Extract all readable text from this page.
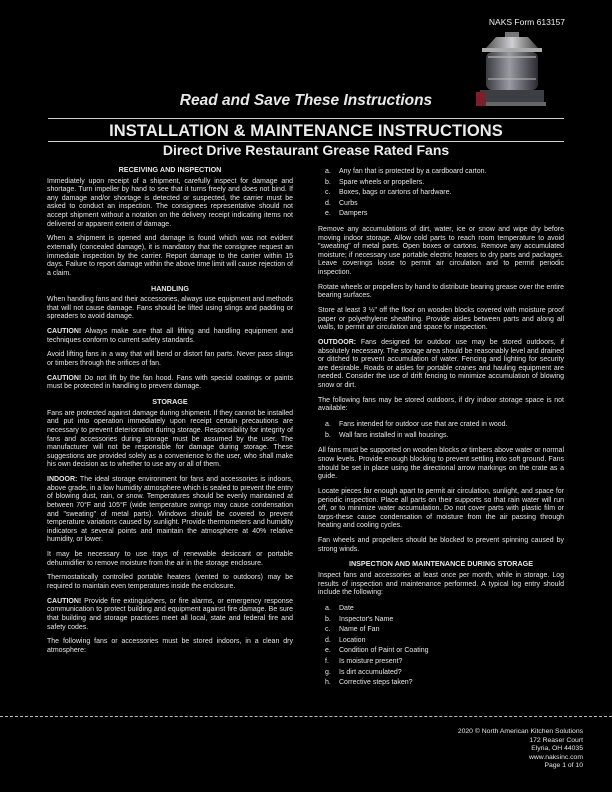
NAKS Form 613157
Read and Save These Instructions
INSTALLATION & MAINTENANCE INSTRUCTIONS
Direct Drive Restaurant Grease Rated Fans
RECEIVING AND INSPECTION

Immediately upon receipt of a shipment, carefully inspect for damage and shortage. Turn impeller by hand to see that it turns freely and does not bind. If any damage and/or shortage is detected or suspected, the carrier must be asked to conduct an inspection. The consignees representative should not accept shipment without a notation on the delivery receipt indicating items not delivered or apparent extent of damage.

When a shipment is opened and damage is found which was not evident externally (concealed damage), it is mandatory that the consignee request an immediate inspection by the carrier. Report damage to the carrier within 15 days. Failure to report damage within the above time limit will cause rejection of a claim.

HANDLING

When handling fans and their accessories, always use equipment and methods that will not cause damage. Fans should be lifted using slings and padding or spreaders to avoid damage.

CAUTION! Always make sure that all lifting and handling equipment and techniques conform to current safety standards.

Avoid lifting fans in a way that will bend or distort fan parts. Never pass slings or timbers through the orifices of fan.

CAUTION! Do not lift by the fan hood. Fans with special coatings or paints must be protected in handling to prevent damage.

STORAGE

Fans are protected against damage during shipment. If they cannot be installed and put into operation immediately upon receipt certain precautions are necessary to prevent deterioration during storage. Responsibility for integrity of fans and accessories during storage must be assumed by the user. The manufacturer will not be responsible for damage during storage. These suggestions are provided solely as a convenience to the user, who shall make his own decision as to whether to use any or all of them.

INDOOR: The ideal storage environment for fans and accessories is indoors, above grade, in a low humidity atmosphere which is sealed to prevent the entry of blowing dust, rain, or snow. Temperatures should be evenly maintained at between 70°F and 105°F (wide temperature swings may cause condensation and "sweating" of metal parts). Windows should be covered to prevent temperature variations caused by sunlight. Provide thermometers and humidity indicators at several points and maintain the atmosphere at 40% relative humidity, or lower.

It may be necessary to use trays of renewable desiccant or portable dehumidifier to remove moisture from the air in the storage enclosure.

Thermostatically controlled portable heaters (vented to outdoors) may be required to maintain even temperatures inside the enclosure.

CAUTION! Provide fire extinguishers, or fire alarms, or emergency response communication to protect building and equipment against fire damage. Be sure that building and storage practices meet all local, state and federal fire and safety codes.

The following fans or accessories must be stored indoors, in a clean dry atmosphere:

a. Any fan that is protected by a cardboard carton.
b. Spare wheels or propellers.
c. Boxes, bags or cartons of hardware.
d. Curbs
e. Dampers

Remove any accumulations of dirt, water, ice or snow and wipe dry before moving indoor storage. Allow cold parts to reach room temperature to avoid "sweating" of metal parts. Open boxes or cartons. Remove any accumulated moisture; if necessary use portable electric heaters to dry parts and packages. Leave coverings loose to permit air circulation and to permit periodic inspection.

Rotate wheels or propellers by hand to distribute bearing grease over the entire bearing surfaces.

Store at least 3 ½" off the floor on wooden blocks covered with moisture proof paper or polyethylene sheathing. Provide aisles between parts and along all walls, to permit air circulation and space for inspection.

OUTDOOR: Fans designed for outdoor use may be stored outdoors, if absolutely necessary. The storage area should be reasonably level and drained or ditched to prevent accumulation of water. Fencing and lighting for security are desirable. Roads or aisles for portable cranes and hauling equipment are needed. Consider the use of drift fencing to minimize accumulation of blowing snow or dirt.

The following fans may be stored outdoors, if dry indoor storage space is not available:

a. Fans intended for outdoor use that are crated in wood.
b. Wall fans installed in wall housings.

All fans must be supported on wooden blocks or timbers above water or normal snow levels. Provide enough blocking to prevent settling into soft ground. Fans should be set in place using the directional arrow markings on the crate as a guide.

Locate pieces far enough apart to permit air circulation, sunlight, and space for periodic inspection. Place all parts on their supports so that rain water will run off, or to minimize water accumulation. Do not cover parts with plastic film or tarps-these cause condensation of moisture from the air passing through heating and cooling cycles.

Fan wheels and propellers should be blocked to prevent spinning caused by strong winds.

INSPECTION AND MAINTENANCE DURING STORAGE

Inspect fans and accessories at least once per month, while in storage. Log results of inspection and maintenance performed. A typical log entry should include the following:

a. Date
b. Inspector's Name
c. Name of Fan
d. Location
e. Condition of Paint or Coating
f. Is moisture present?
g. Is dirt accumulated?
h. Corrective steps taken?
2020 © North American Kitchen Solutions
172 Reaser Court
Elyria, OH 44035
www.naksinc.com
Page 1 of 10
